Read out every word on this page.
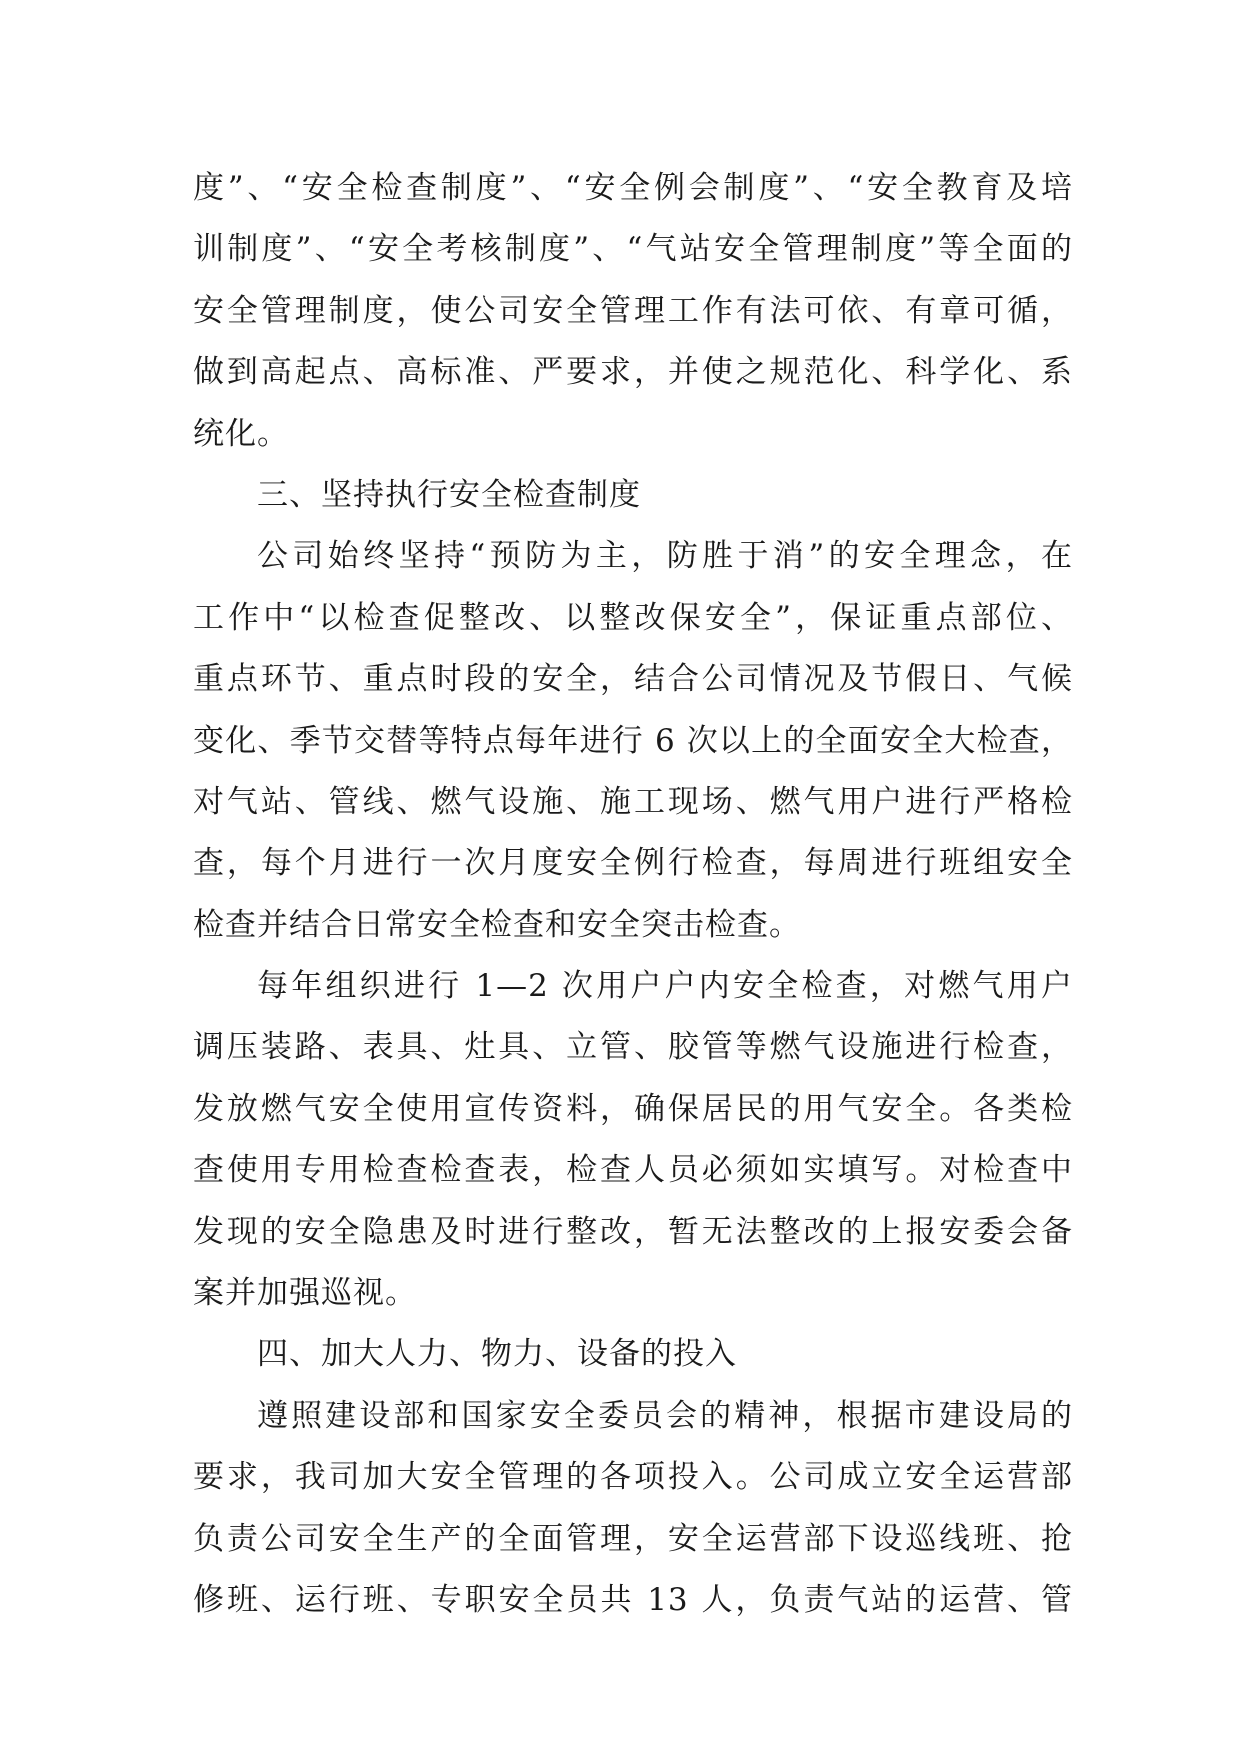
度”、“安全检查制度”、“安全例会制度”、“安全教育及培
训制度”、“安全考核制度”、“气站安全管理制度”等全面的
安全管理制度，使公司安全管理工作有法可依、有章可循，
做到高起点、高标准、严要求，并使之规范化、科学化、系
统化。
三、坚持执行安全检查制度
公司始终坚持“预防为主，防胜于消”的安全理念，在
工作中“以检查促整改、以整改保安全”，保证重点部位、
重点环节、重点时段的安全，结合公司情况及节假日、气候
变化、季节交替等特点每年进行 6 次以上的全面安全大检查，
对气站、管线、燃气设施、施工现场、燃气用户进行严格检
查，每个月进行一次月度安全例行检查，每周进行班组安全
检查并结合日常安全检查和安全突击检查。
每年组织进行 1—2 次用户户内安全检查，对燃气用户
调压装路、表具、灶具、立管、胶管等燃气设施进行检查，
发放燃气安全使用宣传资料，确保居民的用气安全。各类检
查使用专用检查检查表，检查人员必须如实填写。对检查中
发现的安全隐患及时进行整改，暂无法整改的上报安委会备
案并加强巡视。
四、加大人力、物力、设备的投入
遵照建设部和国家安全委员会的精神，根据市建设局的
要求，我司加大安全管理的各项投入。公司成立安全运营部
负责公司安全生产的全面管理，安全运营部下设巡线班、抢
修班、运行班、专职安全员共 13 人，负责气站的运营、管
